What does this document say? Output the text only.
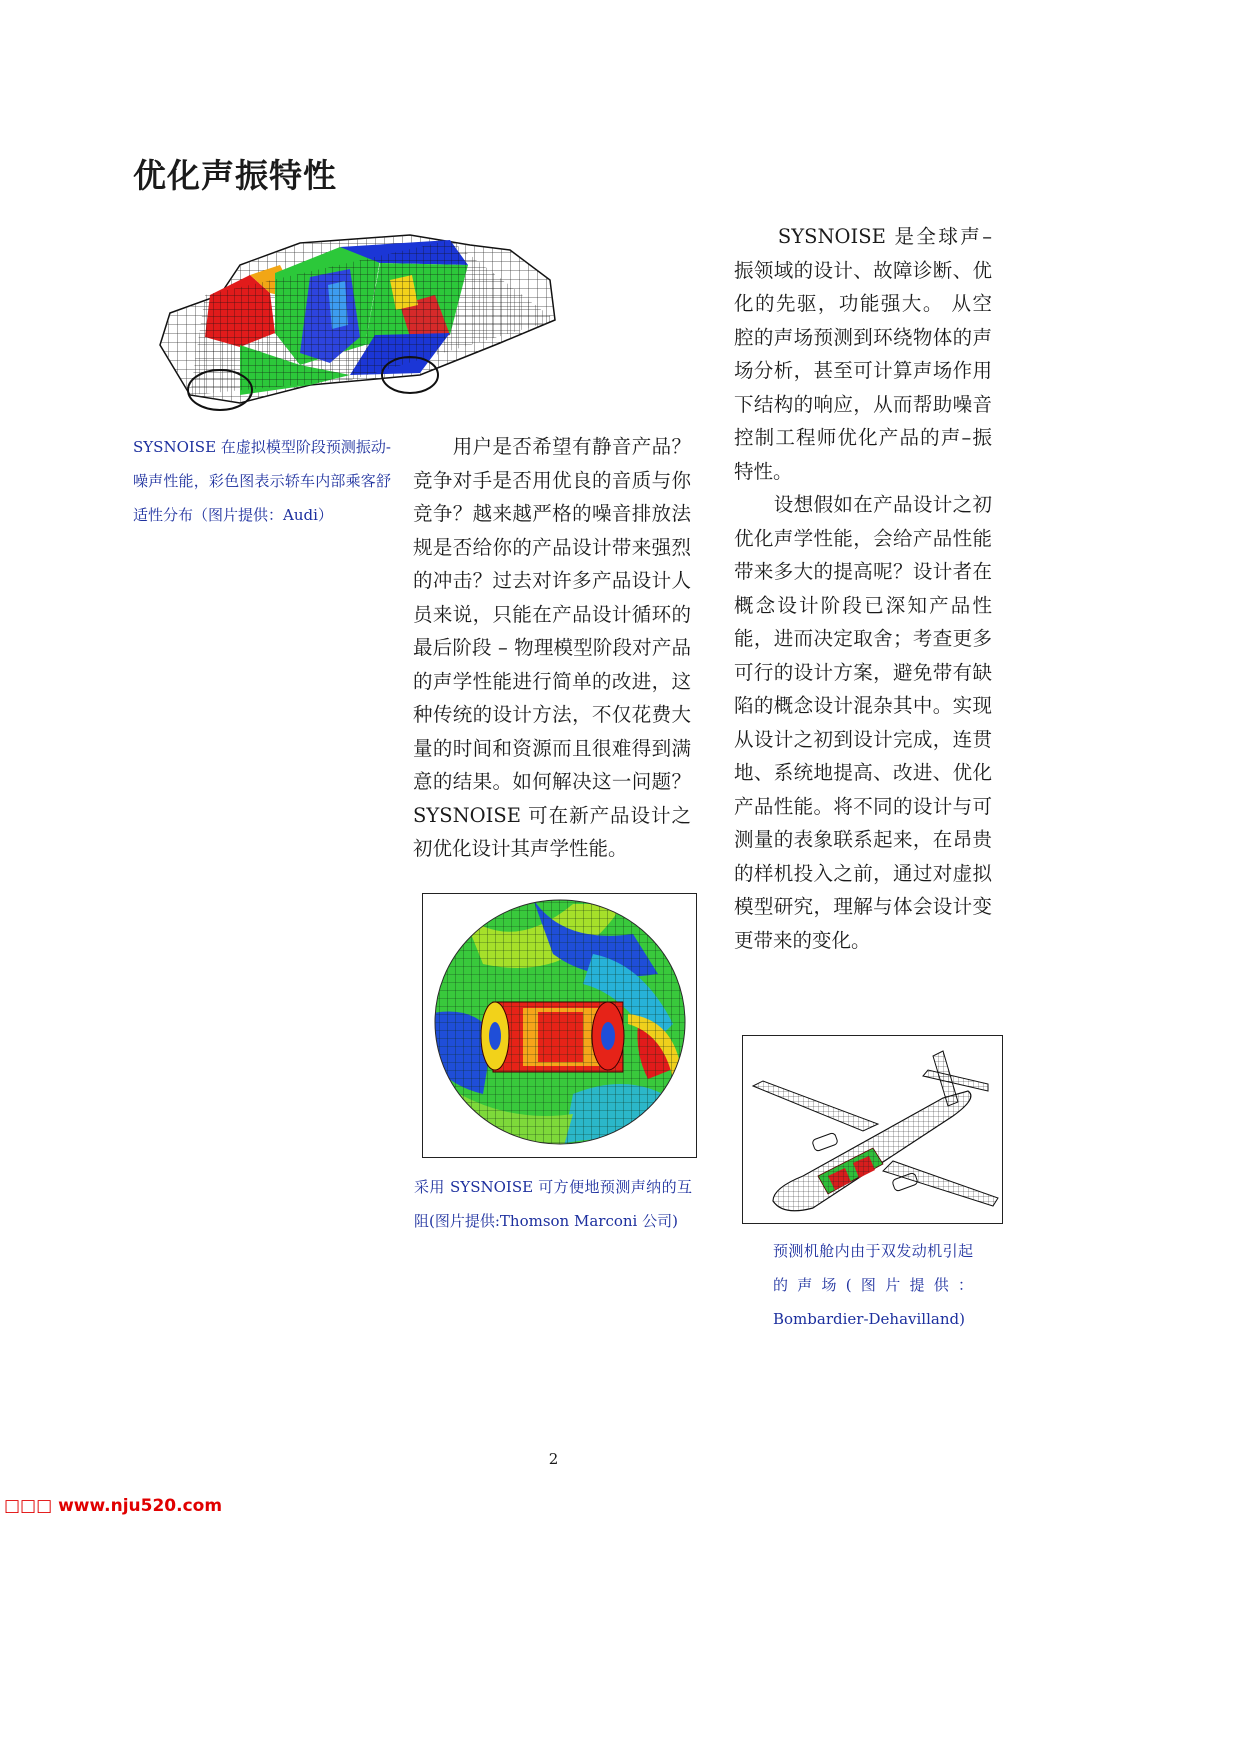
优化声振特性

SYSNOISE 在虚拟模型阶段预测振动-噪声性能，彩色图表示轿车内部乘客舒适性分布（图片提供：Audi）

　　用户是否希望有静音产品？竞争对手是否用优良的音质与你竞争？越来越严格的噪音排放法规是否给你的产品设计带来强烈的冲击？过去对许多产品设计人员来说，只能在产品设计循环的最后阶段 – 物理模型阶段对产品的声学性能进行简单的改进，这种传统的设计方法，不仅花费大量的时间和资源而且很难得到满意的结果。如何解决这一问题？SYSNOISE 可在新产品设计之初优化设计其声学性能。

采用 SYSNOISE 可方便地预测声纳的互阻(图片提供:Thomson Marconi 公司)

　　SYSNOISE 是全球声–振领域的设计、故障诊断、优化的先驱，功能强大。 从空腔的声场预测到环绕物体的声场分析，甚至可计算声场作用下结构的响应，从而帮助噪音控制工程师优化产品的声–振特性。

　　设想假如在产品设计之初优化声学性能，会给产品性能带来多大的提高呢？设计者在概念设计阶段已深知产品性能，进而决定取舍；考查更多可行的设计方案，避免带有缺陷的概念设计混杂其中。实现从设计之初到设计完成，连贯地、系统地提高、改进、优化产品性能。将不同的设计与可测量的表象联系起来，在昂贵的样机投入之前，通过对虚拟模型研究，理解与体会设计变更带来的变化。

预测机舱内由于双发动机引起的声场(图片提供：Bombardier-Dehavilland)

2
□□□ www.nju520.com
